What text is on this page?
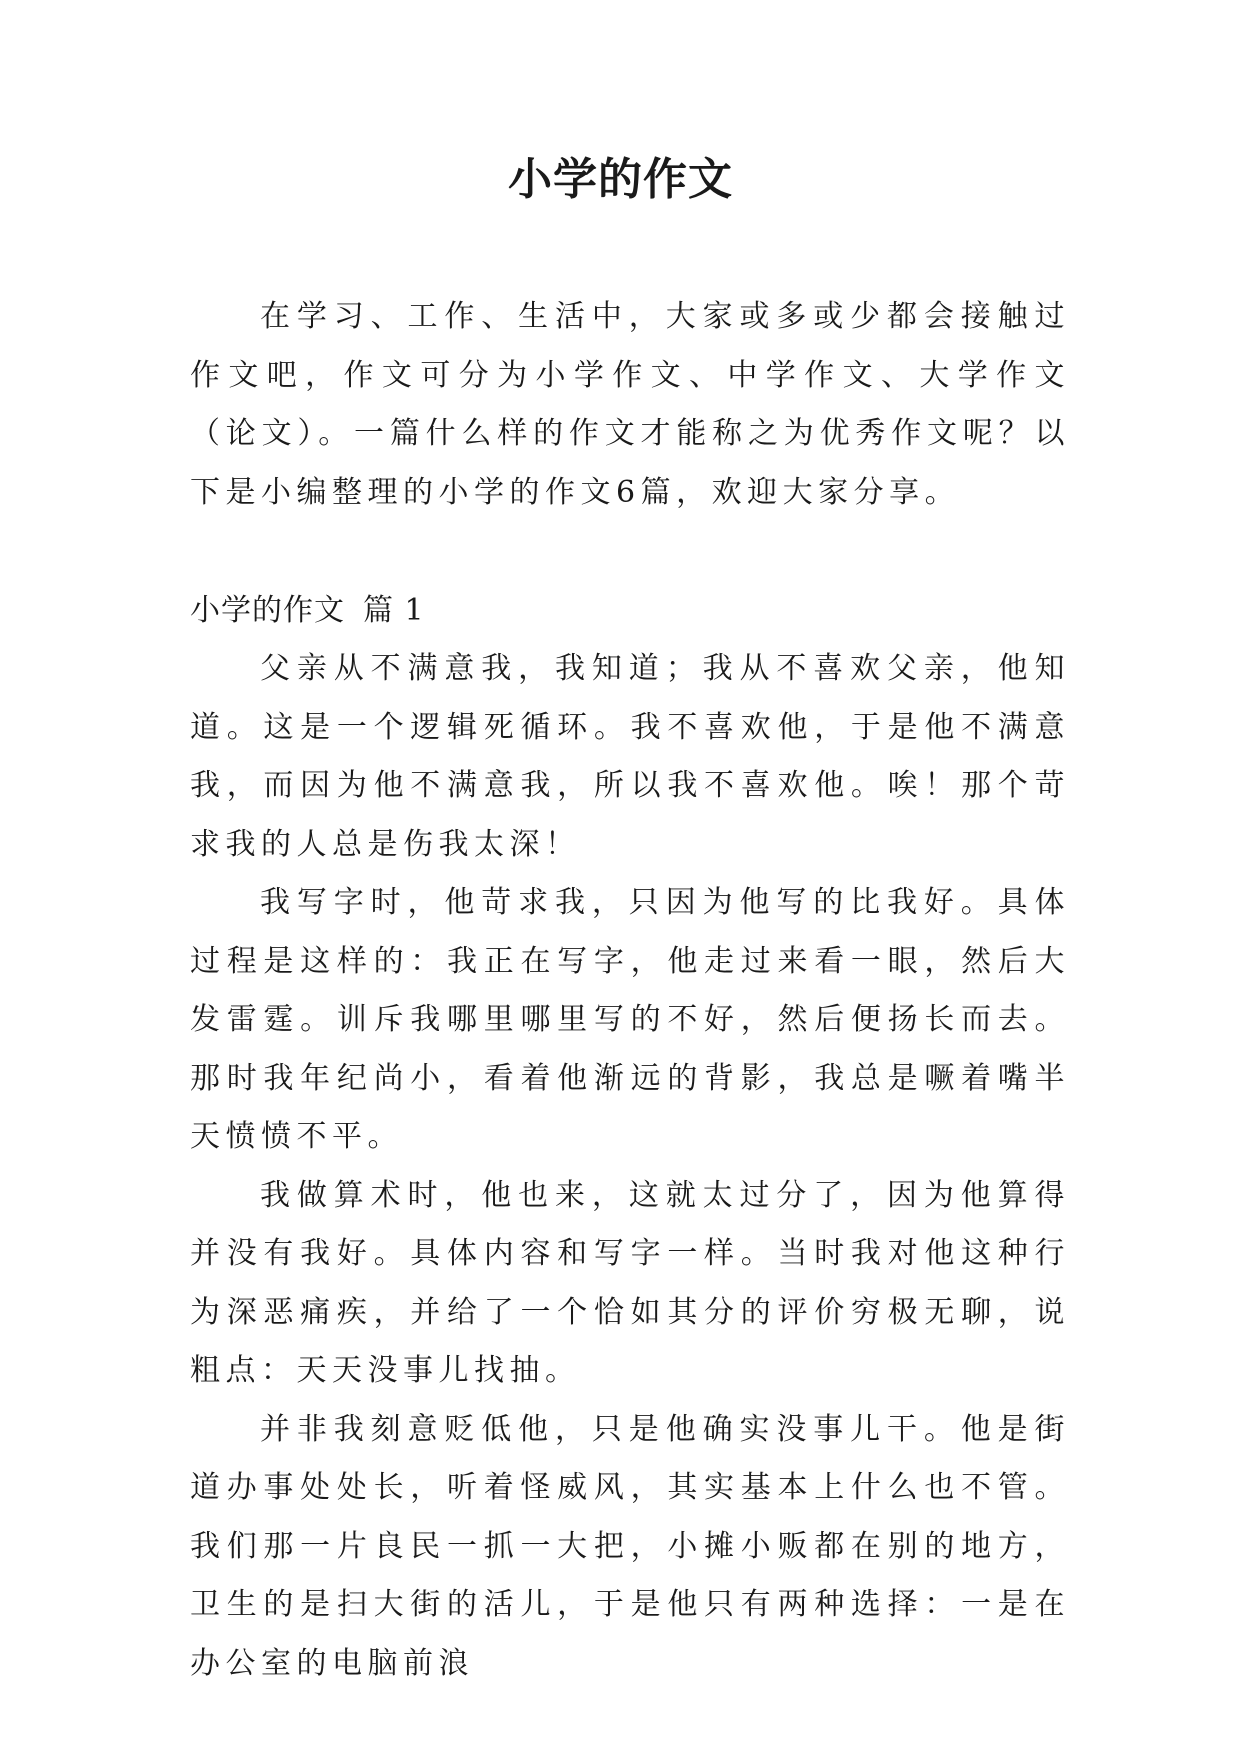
小学的作文

在学习、工作、生活中，大家或多或少都会接触过作文吧，作文可分为小学作文、中学作文、大学作文（论文）。一篇什么样的作文才能称之为优秀作文呢？以下是小编整理的小学的作文6篇，欢迎大家分享。

小学的作文 篇 1

父亲从不满意我，我知道；我从不喜欢父亲，他知道。这是一个逻辑死循环。我不喜欢他，于是他不满意我，而因为他不满意我，所以我不喜欢他。唉！那个苛求我的人总是伤我太深！

我写字时，他苛求我，只因为他写的比我好。具体过程是这样的：我正在写字，他走过来看一眼，然后大发雷霆。训斥我哪里哪里写的不好，然后便扬长而去。那时我年纪尚小，看着他渐远的背影，我总是噘着嘴半天愤愤不平。

我做算术时，他也来，这就太过分了，因为他算得并没有我好。具体内容和写字一样。当时我对他这种行为深恶痛疾，并给了一个恰如其分的评价穷极无聊，说粗点：天天没事儿找抽。

并非我刻意贬低他，只是他确实没事儿干。他是街道办事处处长，听着怪威风，其实基本上什么也不管。我们那一片良民一抓一大把，小摊小贩都在别的地方，卫生的是扫大街的活儿，于是他只有两种选择：一是在办公室的电脑前浪
